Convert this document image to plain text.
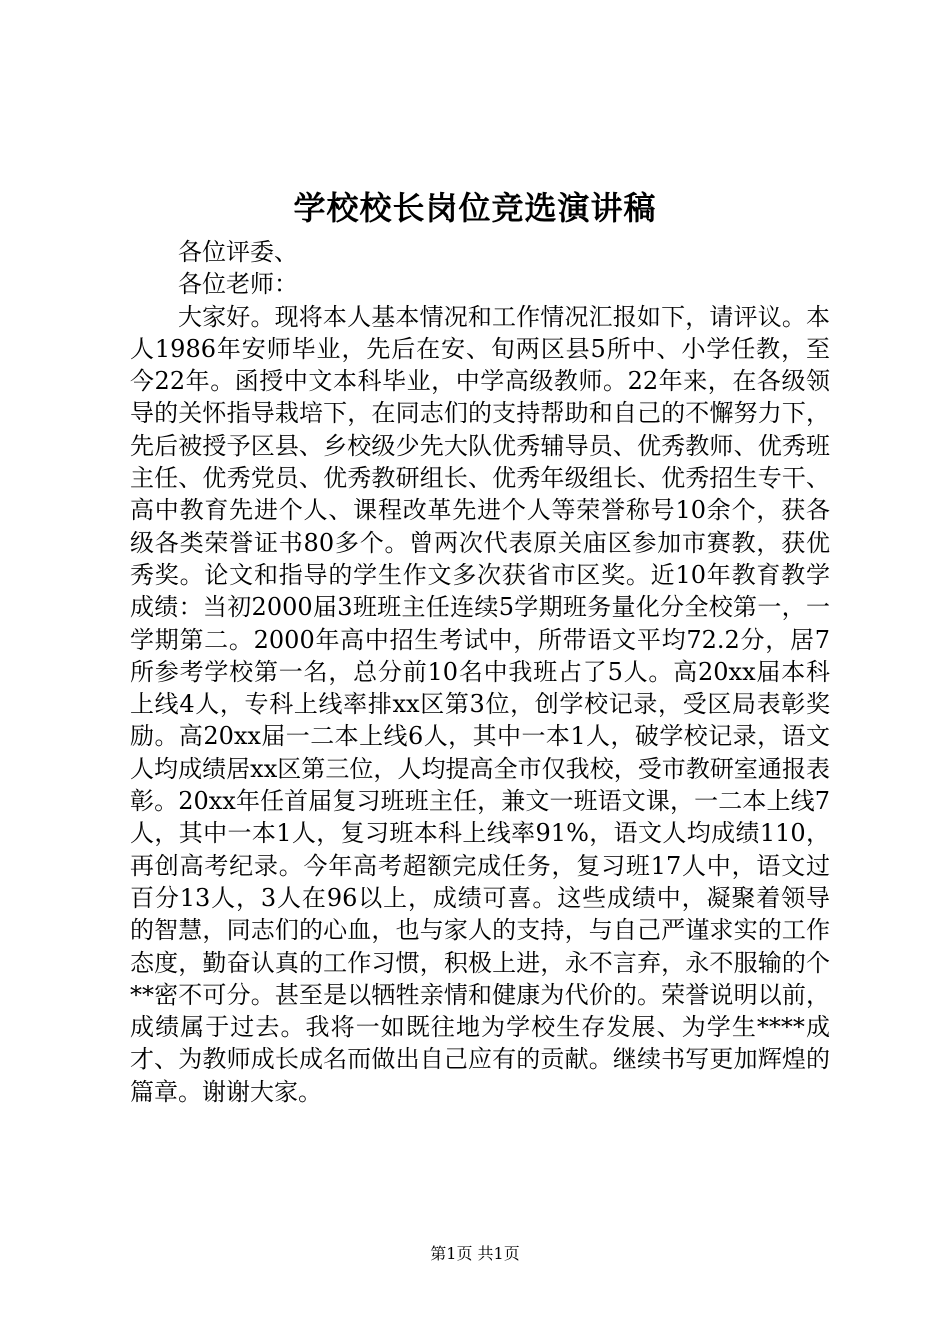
学校校长岗位竞选演讲稿

各位评委、

各位老师：

大家好。现将本人基本情况和工作情况汇报如下，请评议。本人1986年安师毕业，先后在安、旬两区县5所中、小学任教，至今22年。函授中文本科毕业，中学高级教师。22年来，在各级领导的关怀指导栽培下，在同志们的支持帮助和自己的不懈努力下，先后被授予区县、乡校级少先大队优秀辅导员、优秀教师、优秀班主任、优秀党员、优秀教研组长、优秀年级组长、优秀招生专干、高中教育先进个人、课程改革先进个人等荣誉称号10余个，获各级各类荣誉证书80多个。曾两次代表原关庙区参加市赛教，获优秀奖。论文和指导的学生作文多次获省市区奖。近10年教育教学成绩：当初2000届3班班主任连续5学期班务量化分全校第一，一学期第二。2000年高中招生考试中，所带语文平均72.2分，居7所参考学校第一名，总分前10名中我班占了5人。高20xx届本科上线4人，专科上线率排xx区第3位，创学校记录，受区局表彰奖励。高20xx届一二本上线6人，其中一本1人，破学校记录，语文人均成绩居xx区第三位，人均提高全市仅我校，受市教研室通报表彰。20xx年任首届复习班班主任，兼文一班语文课，一二本上线7人，其中一本1人，复习班本科上线率91%，语文人均成绩110，再创高考纪录。今年高考超额完成任务，复习班17人中，语文过百分13人，3人在96以上，成绩可喜。这些成绩中，凝聚着领导的智慧，同志们的心血，也与家人的支持，与自己严谨求实的工作态度，勤奋认真的工作习惯，积极上进，永不言弃，永不服输的个**密不可分。甚至是以牺牲亲情和健康为代价的。荣誉说明以前，成绩属于过去。我将一如既往地为学校生存发展、为学生****成才、为教师成长成名而做出自己应有的贡献。继续书写更加辉煌的篇章。谢谢大家。

第1页 共1页
